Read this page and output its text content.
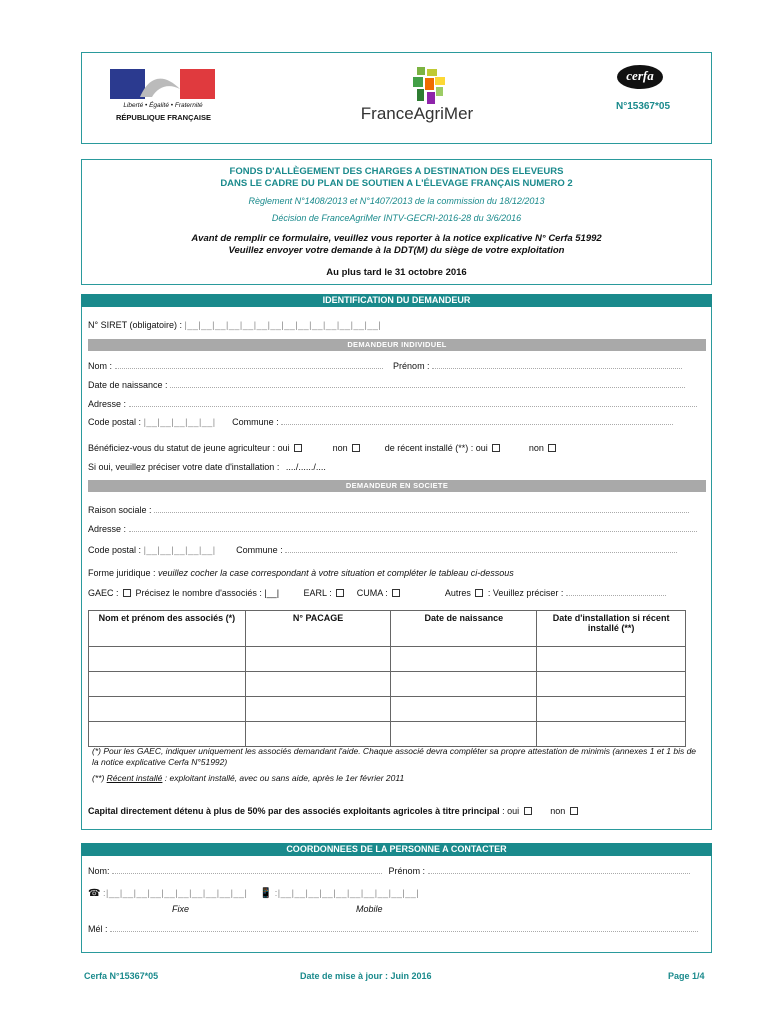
Liberté • Égalité • Fraternité
RÉPUBLIQUE FRANÇAISE	FranceAgriMer
cerfa
N°15367*05
FONDS D'ALLÈGEMENT DES CHARGES A DESTINATION DES ELEVEURS
DANS LE CADRE DU PLAN DE SOUTIEN A L'ÉLEVAGE FRANÇAIS NUMERO 2
Règlement N°1408/2013 et N°1407/2013 de la commission du 18/12/2013
Décision de FranceAgriMer INTV-GECRI-2016-28 du 3/6/2016
Avant de remplir ce formulaire, veuillez vous reporter à la notice explicative N° Cerfa 51992
Veuillez envoyer votre demande à la DDT(M) du siège de votre exploitation
Au plus tard le 31 octobre 2016
IDENTIFICATION DU DEMANDEUR
N° SIRET (obligatoire) : |__|__|__|__|__|__|__|__|__|__|__|__|__|__|
DEMANDEUR INDIVIDUEL
Nom :	Prénom :
Date de naissance :
Adresse :
Code postal : |__|__|__|__|__| Commune :
Bénéficiez-vous du statut de jeune agriculteur : oui	non	de récent installé (**) : oui	non
Si oui, veuillez préciser votre date d'installation : ..../....../....
DEMANDEUR EN SOCIETE
Raison sociale :
Adresse :
Code postal : |__|__|__|__|__| Commune :
Forme juridique : veuillez cocher la case correspondant à votre situation et compléter le tableau ci-dessous
GAEC : Précisez le nombre d'associés : |__|	EARL :	CUMA :	Autres : Veuillez préciser :
Nom et prénom des associés (*)	N° PACAGE	Date de naissance	Date d'installation si récent installé (**)

(*) Pour les GAEC, indiquer uniquement les associés demandant l'aide. Chaque associé devra compléter sa propre attestation de minimis (annexes 1 et 1 bis de la notice explicative Cerfa N°51992)
(**) Récent installé : exploitant installé, avec ou sans aide, après le 1er février 2011
Capital directement détenu à plus de 50% par des associés exploitants agricoles à titre principal : oui	non
COORDONNEES DE LA PERSONNE A CONTACTER
Nom:	Prénom :
☎ :|__|__|__|__|__|__|__|__|__|__| 📱 :|__|__|__|__|__|__|__|__|__|__|
Fixe	Mobile
Mél :
Cerfa N°15367*05	Date de mise à jour : Juin 2016	Page 1/4
